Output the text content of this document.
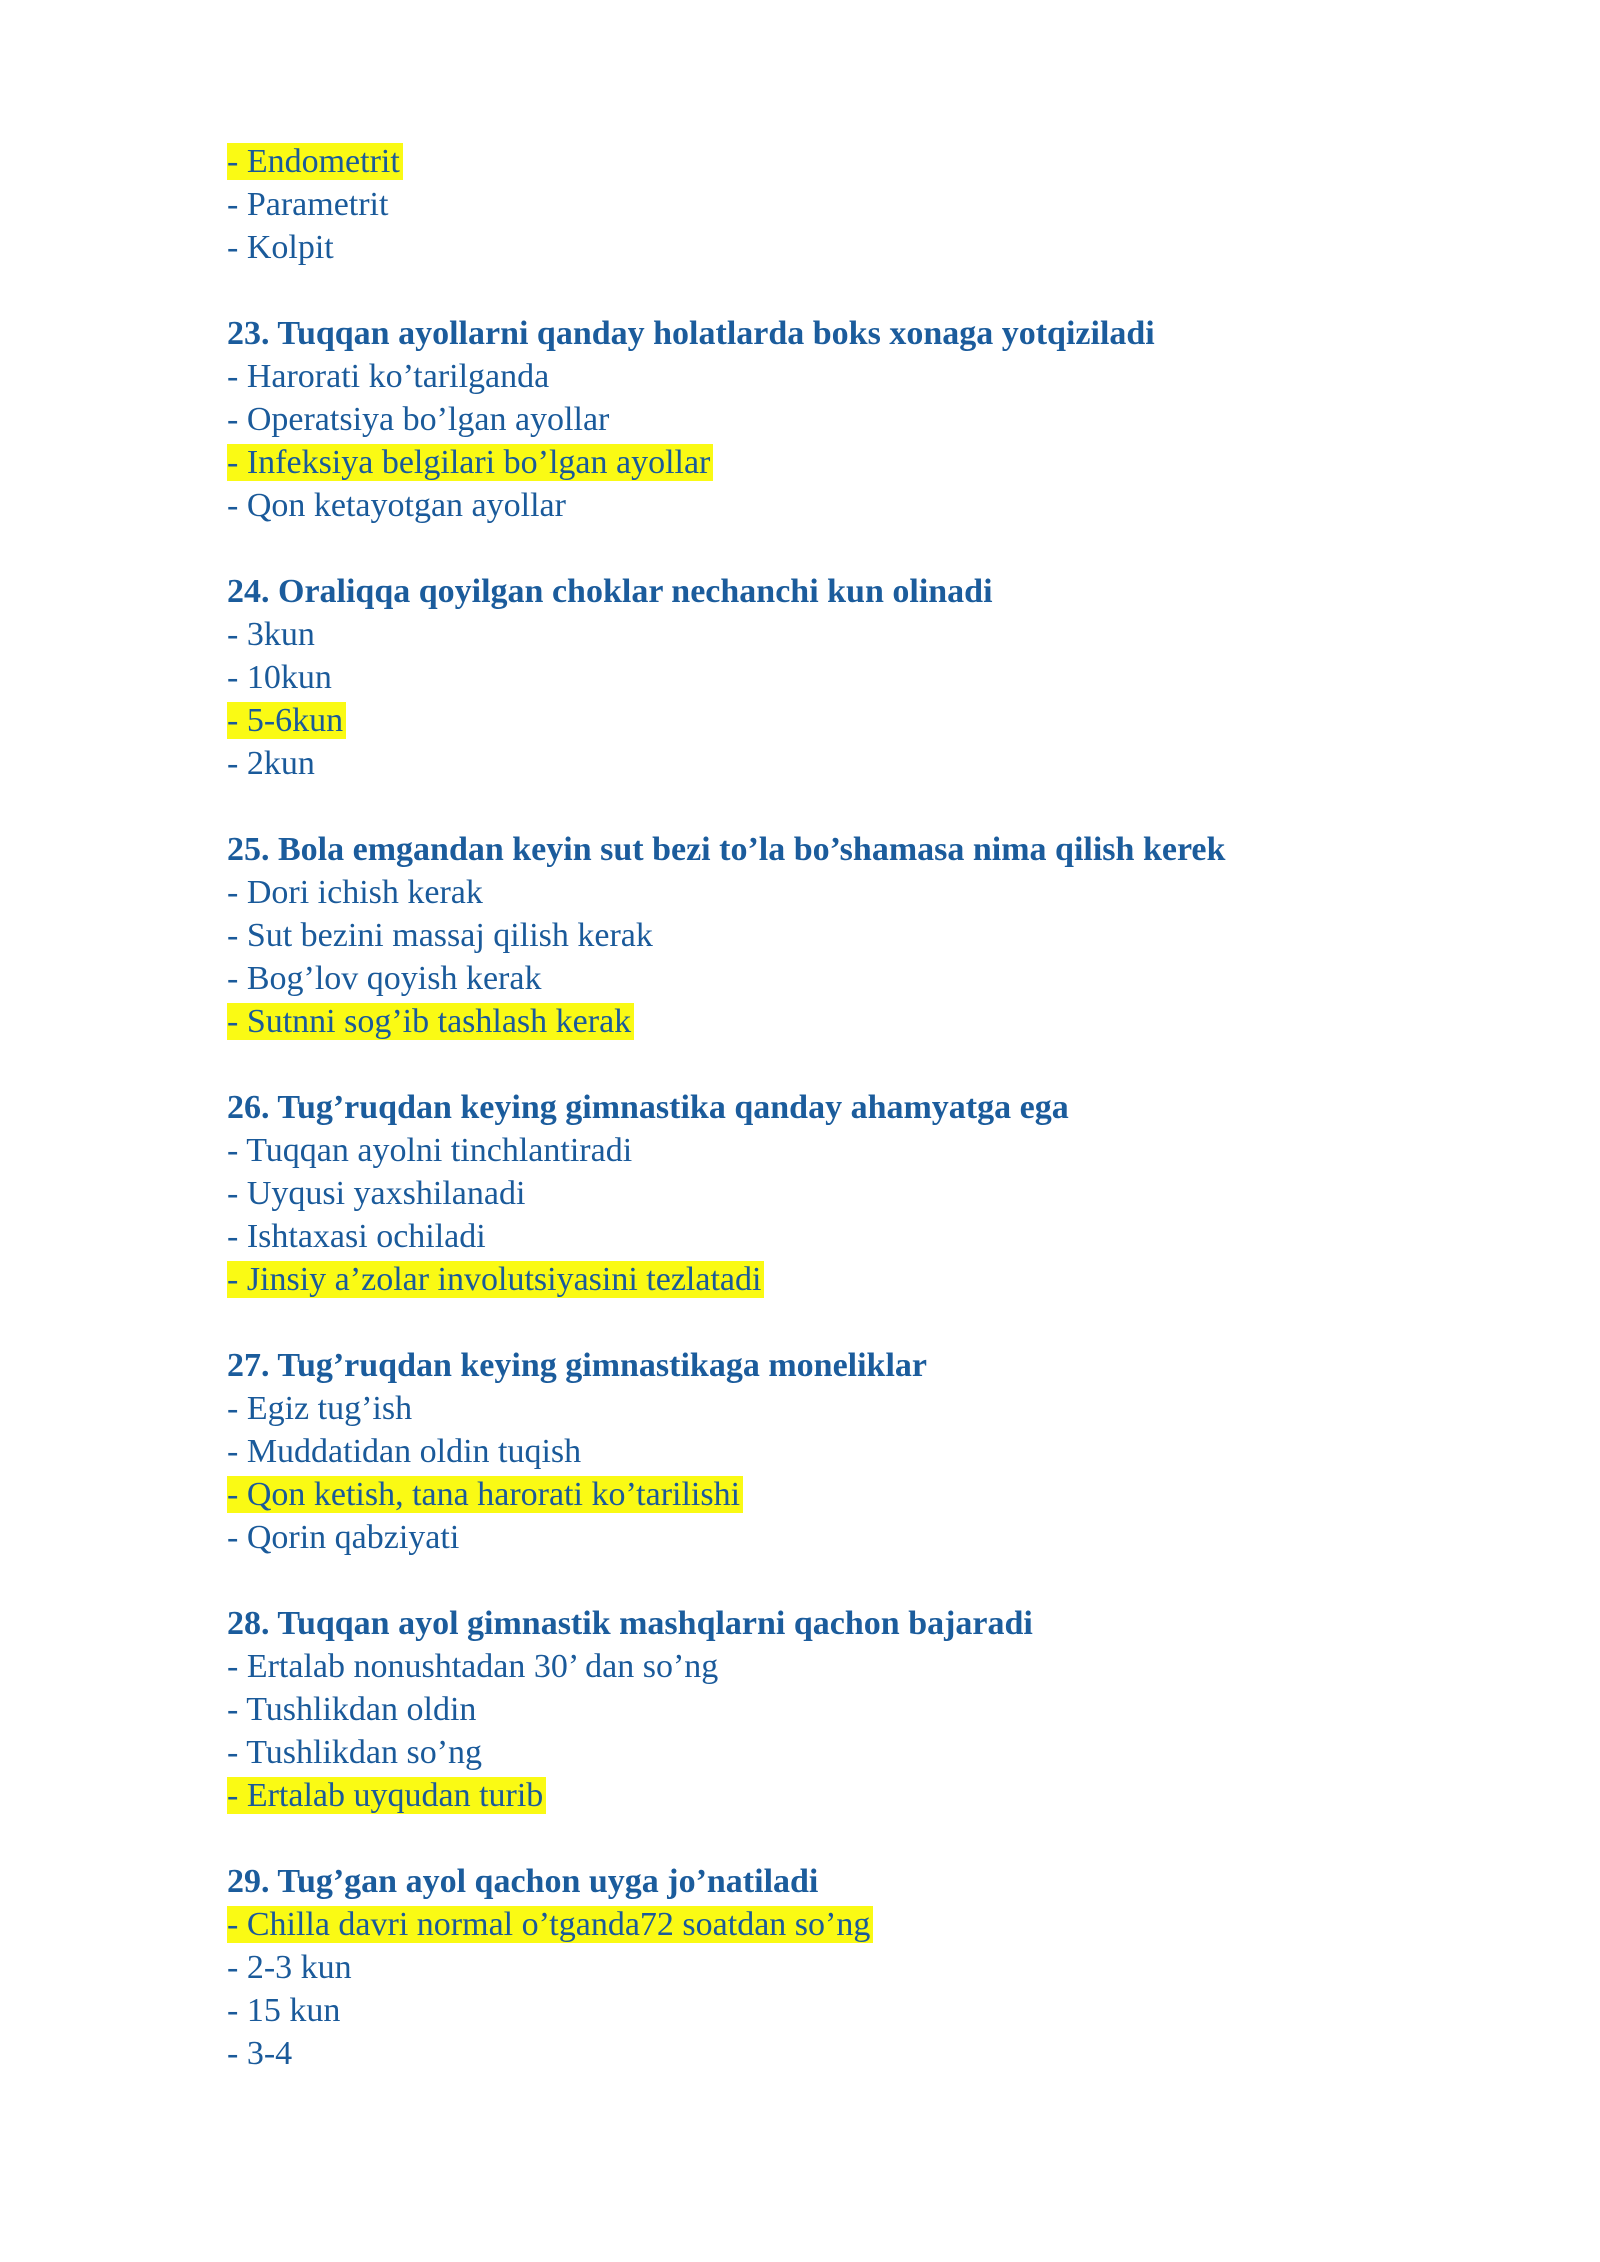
- Endometrit
- Parametrit
- Kolpit
23. Tuqqan ayollarni qanday holatlarda boks xonaga yotqiziladi
- Harorati ko’tarilganda
- Operatsiya bo’lgan ayollar
- Infeksiya belgilari bo’lgan ayollar
- Qon ketayotgan ayollar
24. Oraliqqa qoyilgan choklar nechanchi kun olinadi
- 3kun
- 10kun
- 5-6kun
- 2kun
25. Bola emgandan keyin sut bezi to’la bo’shamasa nima qilish kerek
- Dori ichish kerak
- Sut bezini massaj qilish kerak
- Bog’lov qoyish kerak
- Sutnni sog’ib tashlash kerak
26. Tug’ruqdan keying gimnastika qanday ahamyatga ega
- Tuqqan ayolni tinchlantiradi
- Uyqusi yaxshilanadi
- Ishtaxasi ochiladi
- Jinsiy a’zolar involutsiyasini tezlatadi
27. Tug’ruqdan keying gimnastikaga moneliklar
- Egiz tug’ish
- Muddatidan oldin tuqish
- Qon ketish, tana harorati ko’tarilishi
- Qorin qabziyati
28. Tuqqan ayol gimnastik mashqlarni qachon bajaradi
- Ertalab nonushtadan 30’ dan so’ng
- Tushlikdan oldin
- Tushlikdan so’ng
- Ertalab uyqudan turib
29. Tug’gan ayol qachon uyga jo’natiladi
- Chilla davri normal o’tganda72 soatdan so’ng
- 2-3 kun
- 15 kun
- 3-4
